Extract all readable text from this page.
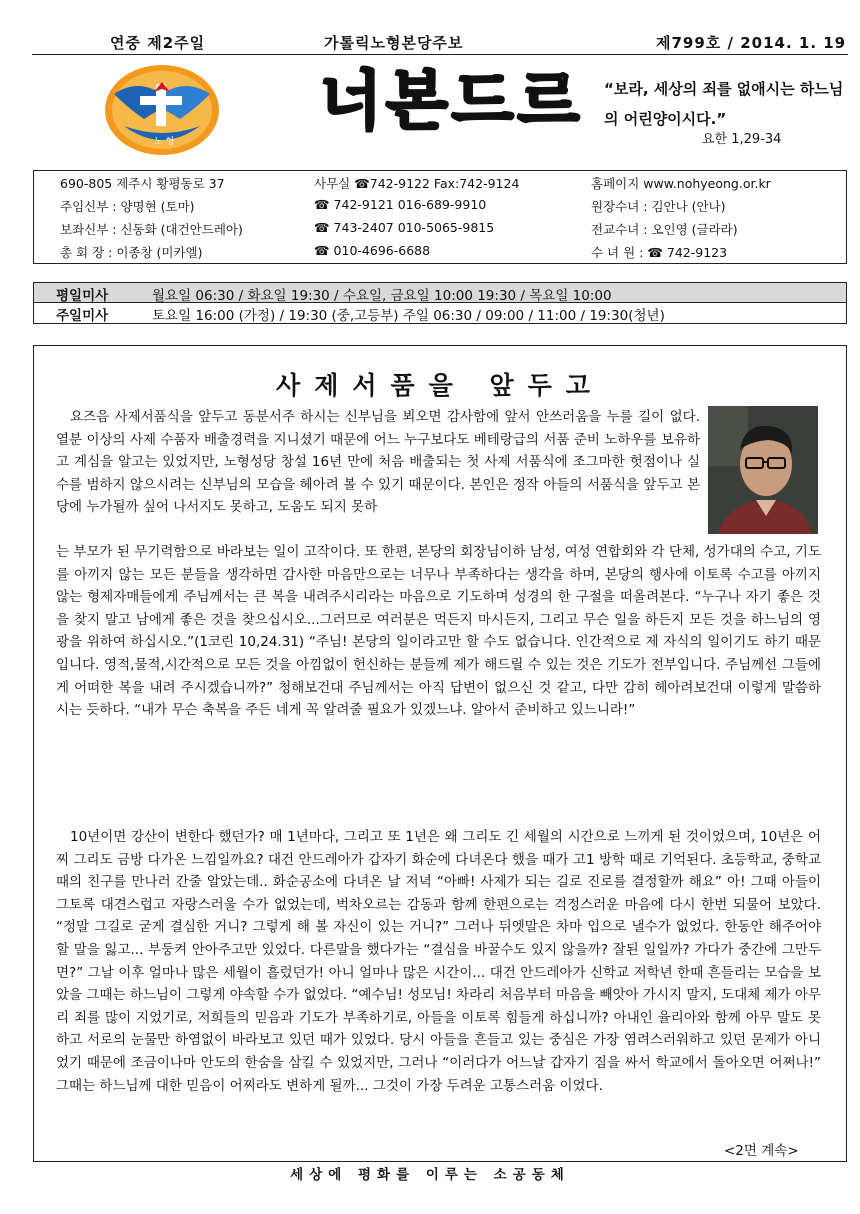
연중 제2주일	가톨릭노형본당주보	제799호 / 2014. 1. 19
노 형
너본드르 “보라, 세상의 죄를 없애시는 하느님의 어린양이시다.”
요한 1,29-34
690-805 제주시 황평동로 37	사무실 ☎742-9122 Fax:742-9124	홈페이지 www.nohyeong.or.kr
주임신부 : 양명현 (토마)	☎ 742-9121 016-689-9910	원장수녀 : 김안나 (안나)
보좌신부 : 신동화 (대건안드레아)	☎ 743-2407 010-5065-9815	전교수녀 : 오인영 (글라라)
총 회 장 : 이종창 (미카엘)	☎ 010-4696-6688	수 녀 원 : ☎ 742-9123
평일미사	월요일 06:30 / 화요일 19:30 / 수요일, 금요일 10:00 19:30 / 목요일 10:00
주일미사	토요일 16:00 (가정) / 19:30 (중,고등부) 주일 06:30 / 09:00 / 11:00 / 19:30(청년)
사제서품을 앞두고

요즈음 사제서품식을 앞두고 동분서주 하시는 신부님을 뵈오면 감사함에 앞서 안쓰러움을 누를 길이 없다. 열분 이상의 사제 수품자 배출경력을 지니셨기 때문에 어느 누구보다도 베테랑급의 서품 준비 노하우를 보유하고 계심을 알고는 있었지만, 노형성당 창설 16년 만에 처음 배출되는 첫 사제 서품식에 조그마한 헛점이나 실수를 범하지 않으시려는 신부님의 모습을 헤아려 볼 수 있기 때문이다. 본인은 정작 아들의 서품식을 앞두고 본당에 누가될까 싶어 나서지도 못하고, 도움도 되지 못하

는 부모가 된 무기력함으로 바라보는 일이 고작이다. 또 한편, 본당의 회장님이하 남성, 여성 연합회와 각 단체, 성가대의 수고, 기도를 아끼지 않는 모든 분들을 생각하면 감사한 마음만으로는 너무나 부족하다는 생각을 하며, 본당의 행사에 이토록 수고를 아끼지 않는 형제자매들에게 주님께서는 큰 복을 내려주시리라는 마음으로 기도하며 성경의 한 구절을 떠올려본다. “누구나 자기 좋은 것을 찾지 말고 남에게 좋은 것을 찾으십시오...그러므로 여러분은 먹든지 마시든지, 그리고 무슨 일을 하든지 모든 것을 하느님의 영광을 위하여 하십시오.”(1코린 10,24.31) “주님! 본당의 일이라고만 할 수도 없습니다. 인간적으로 제 자식의 일이기도 하기 때문입니다. 영적,물적,시간적으로 모든 것을 아낌없이 헌신하는 분들께 제가 해드릴 수 있는 것은 기도가 전부입니다. 주님께선 그들에게 어떠한 복을 내려 주시겠습니까?” 청해보건대 주님께서는 아직 답변이 없으신 것 같고, 다만 감히 헤아려보건대 이렇게 말씀하시는 듯하다. “내가 무슨 축복을 주든 네게 꼭 알려줄 필요가 있겠느냐. 알아서 준비하고 있느니라!”

10년이면 강산이 변한다 했던가? 매 1년마다, 그리고 또 1년은 왜 그리도 긴 세월의 시간으로 느끼게 된 것이었으며, 10년은 어찌 그리도 금방 다가온 느낌일까요? 대건 안드레아가 갑자기 화순에 다녀온다 했을 때가 고1 방학 때로 기억된다. 초등학교, 중학교 때의 친구를 만나러 간줄 알았는데.. 화순공소에 다녀온 날 저녁 “아빠! 사제가 되는 길로 진로를 결정할까 해요” 아! 그때 아들이 그토록 대견스럽고 자랑스러울 수가 없었는데, 벅차오르는 감동과 함께 한편으로는 걱정스러운 마음에 다시 한번 되물어 보았다. “정말 그길로 굳게 결심한 거니? 그렇게 해 볼 자신이 있는 거니?” 그러나 뒤엣말은 차마 입으로 낼수가 없었다. 한동안 해주어야 할 말을 잃고... 부둥켜 안아주고만 있었다. 다른말을 했다가는 “결심을 바꿀수도 있지 않을까? 잘된 일일까? 가다가 중간에 그만두면?” 그날 이후 얼마나 많은 세월이 흘렀던가! 아니 얼마나 많은 시간이... 대건 안드레아가 신학교 저학년 한때 흔들리는 모습을 보았을 그때는 하느님이 그렇게 야속할 수가 없었다. “예수님! 성모님! 차라리 처음부터 마음을 빼앗아 가시지 말지, 도대체 제가 아무리 죄를 많이 지었기로, 저희들의 믿음과 기도가 부족하기로, 아들을 이토록 힘들게 하십니까? 아내인 율리아와 함께 아무 말도 못하고 서로의 눈물만 하염없이 바라보고 있던 때가 있었다. 당시 아들을 흔들고 있는 중심은 가장 염려스러워하고 있던 문제가 아니었기 때문에 조금이나마 안도의 한숨을 삼킬 수 있었지만, 그러나 “이러다가 어느날 갑자기 짐을 싸서 학교에서 돌아오면 어쩌나!” 그때는 하느님께 대한 믿음이 어찌라도 변하게 될까... 그것이 가장 두려운 고통스러움 이었다.

<2면 계속>
세상에 평화를 이루는 소공동체
